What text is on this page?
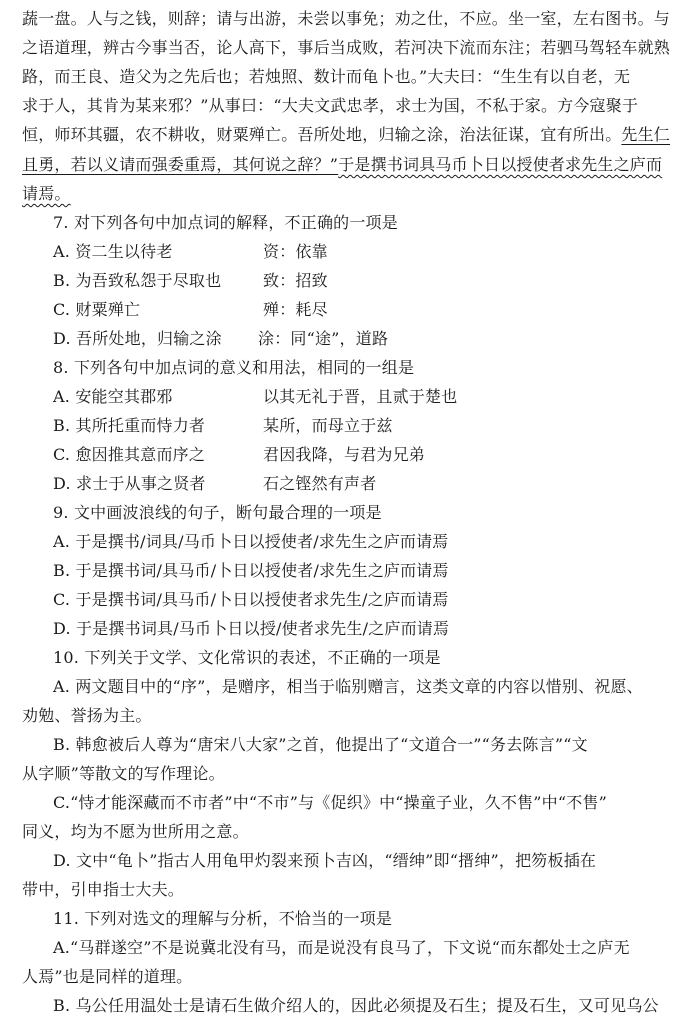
蔬一盘。人与之钱，则辞；请与出游，未尝以事免；劝之仕，不应。坐一室，左右图书。与
之语道理，辨古今事当否，论人高下，事后当成败，若河决下流而东注；若驷马驾轻车就熟
路，而王良、造父为之先后也；若烛照、数计而龟卜也。”大夫曰：“生生有以自老，无
求于人，其肯为某来邪？”从事曰：“大夫文武忠孝，求士为国，不私于家。方今寇聚于
恒，师环其疆，农不耕收，财粟殚亡。吾所处地，归输之涂，治法征谋，宜有所出。先生仁
且勇，若以义请而强委重焉，其何说之辞？”于是撰书词具马币卜日以授使者求先生之庐而
请焉。
7. 对下列各句中加点词的解释，不正确的一项是
A. 资二生以待老	资：依靠
B. 为吾致私怨于尽取也	致：招致
C. 财粟殚亡	殚：耗尽
D. 吾所处地，归输之涂 涂：同“途”，道路
8. 下列各句中加点词的意义和用法，相同的一组是
A. 安能空其郡邪	以其无礼于晋，且贰于楚也
B. 其所托重而恃力者	某所，而母立于兹
C. 愈因推其意而序之	君因我降，与君为兄弟
D. 求士于从事之贤者	石之铿然有声者
9. 文中画波浪线的句子，断句最合理的一项是
A. 于是撰书/词具/马币卜日以授使者/求先生之庐而请焉
B. 于是撰书词/具马币/卜日以授使者/求先生之庐而请焉
C. 于是撰书词/具马币/卜日以授使者求先生/之庐而请焉
D. 于是撰书词具/马币卜日以授/使者求先生/之庐而请焉
10. 下列关于文学、文化常识的表述，不正确的一项是
A. 两文题目中的“序”，是赠序，相当于临别赠言，这类文章的内容以惜别、祝愿、
劝勉、誉扬为主。
B. 韩愈被后人尊为“唐宋八大家”之首，他提出了“文道合一”“务去陈言”“文
从字顺”等散文的写作理论。
C.“恃才能深藏而不市者”中“不市”与《促织》中“操童子业，久不售”中“不售”
同义，均为不愿为世所用之意。
D. 文中“龟卜”指古人用龟甲灼裂来预卜吉凶，“缙绅”即“搢绅”，把笏板插在
带中，引申指士大夫。
11. 下列对选文的理解与分析，不恰当的一项是
A.“马群遂空”不是说冀北没有马，而是说没有良马了，下文说“而东都处士之庐无
人焉”也是同样的道理。
B. 乌公任用温处士是请石生做介绍人的，因此必须提及石生；提及石生，又可见乌公
